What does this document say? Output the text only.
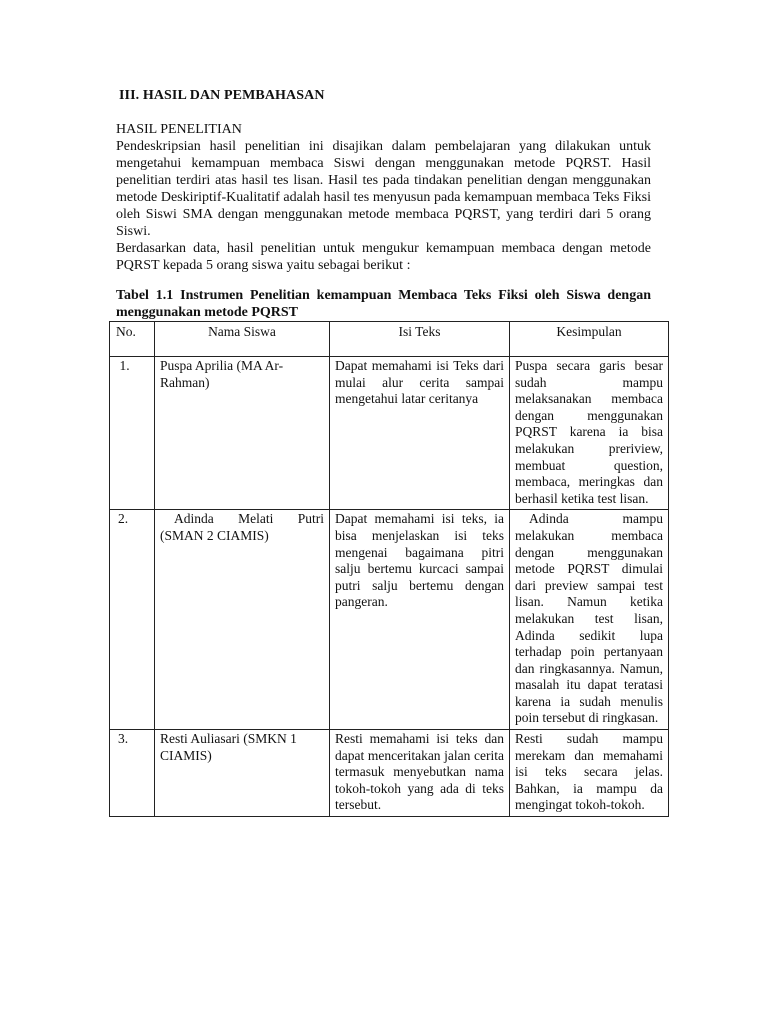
III. HASIL DAN PEMBAHASAN

HASIL PENELITIAN

Pendeskripsian hasil penelitian ini disajikan dalam pembelajaran yang dilakukan untuk mengetahui kemampuan membaca Siswi dengan menggunakan metode PQRST. Hasil penelitian terdiri atas hasil tes lisan. Hasil tes pada tindakan penelitian dengan menggunakan metode Deskiriptif-Kualitatif adalah hasil tes menyusun pada kemampuan membaca Teks Fiksi oleh Siswi SMA dengan menggunakan metode membaca PQRST, yang terdiri dari 5 orang Siswi.

Berdasarkan data, hasil penelitian untuk mengukur kemampuan membaca dengan metode PQRST kepada 5 orang siswa yaitu sebagai berikut :

Tabel 1.1 Instrumen Penelitian kemampuan Membaca Teks Fiksi oleh Siswa dengan menggunakan metode PQRST
No.	Nama Siswa	Isi Teks	Kesimpulan
1.	Puspa Aprilia (MA Ar-Rahman)	Dapat memahami isi Teks dari mulai alur cerita sampai mengetahui latar ceritanya	Puspa secara garis besar sudah mampu melaksanakan membaca dengan menggunakan PQRST karena ia bisa melakukan preriview, membuat question, membaca, meringkas dan berhasil ketika test lisan.
2.	Adinda Melati Putri (SMAN 2 CIAMIS)	Dapat memahami isi teks, ia bisa menjelaskan isi teks mengenai bagaimana pitri salju bertemu kurcaci sampai putri salju bertemu dengan pangeran.	Adinda mampu melakukan membaca dengan menggunakan metode PQRST dimulai dari preview sampai test lisan. Namun ketika melakukan test lisan, Adinda sedikit lupa terhadap poin pertanyaan dan ringkasannya. Namun, masalah itu dapat teratasi karena ia sudah menulis poin tersebut di ringkasan.
3.	Resti Auliasari (SMKN 1 CIAMIS)	Resti memahami isi teks dan dapat menceritakan jalan cerita termasuk menyebutkan nama tokoh-tokoh yang ada di teks tersebut.	Resti sudah mampu merekam dan memahami isi teks secara jelas. Bahkan, ia mampu da mengingat tokoh-tokoh.
